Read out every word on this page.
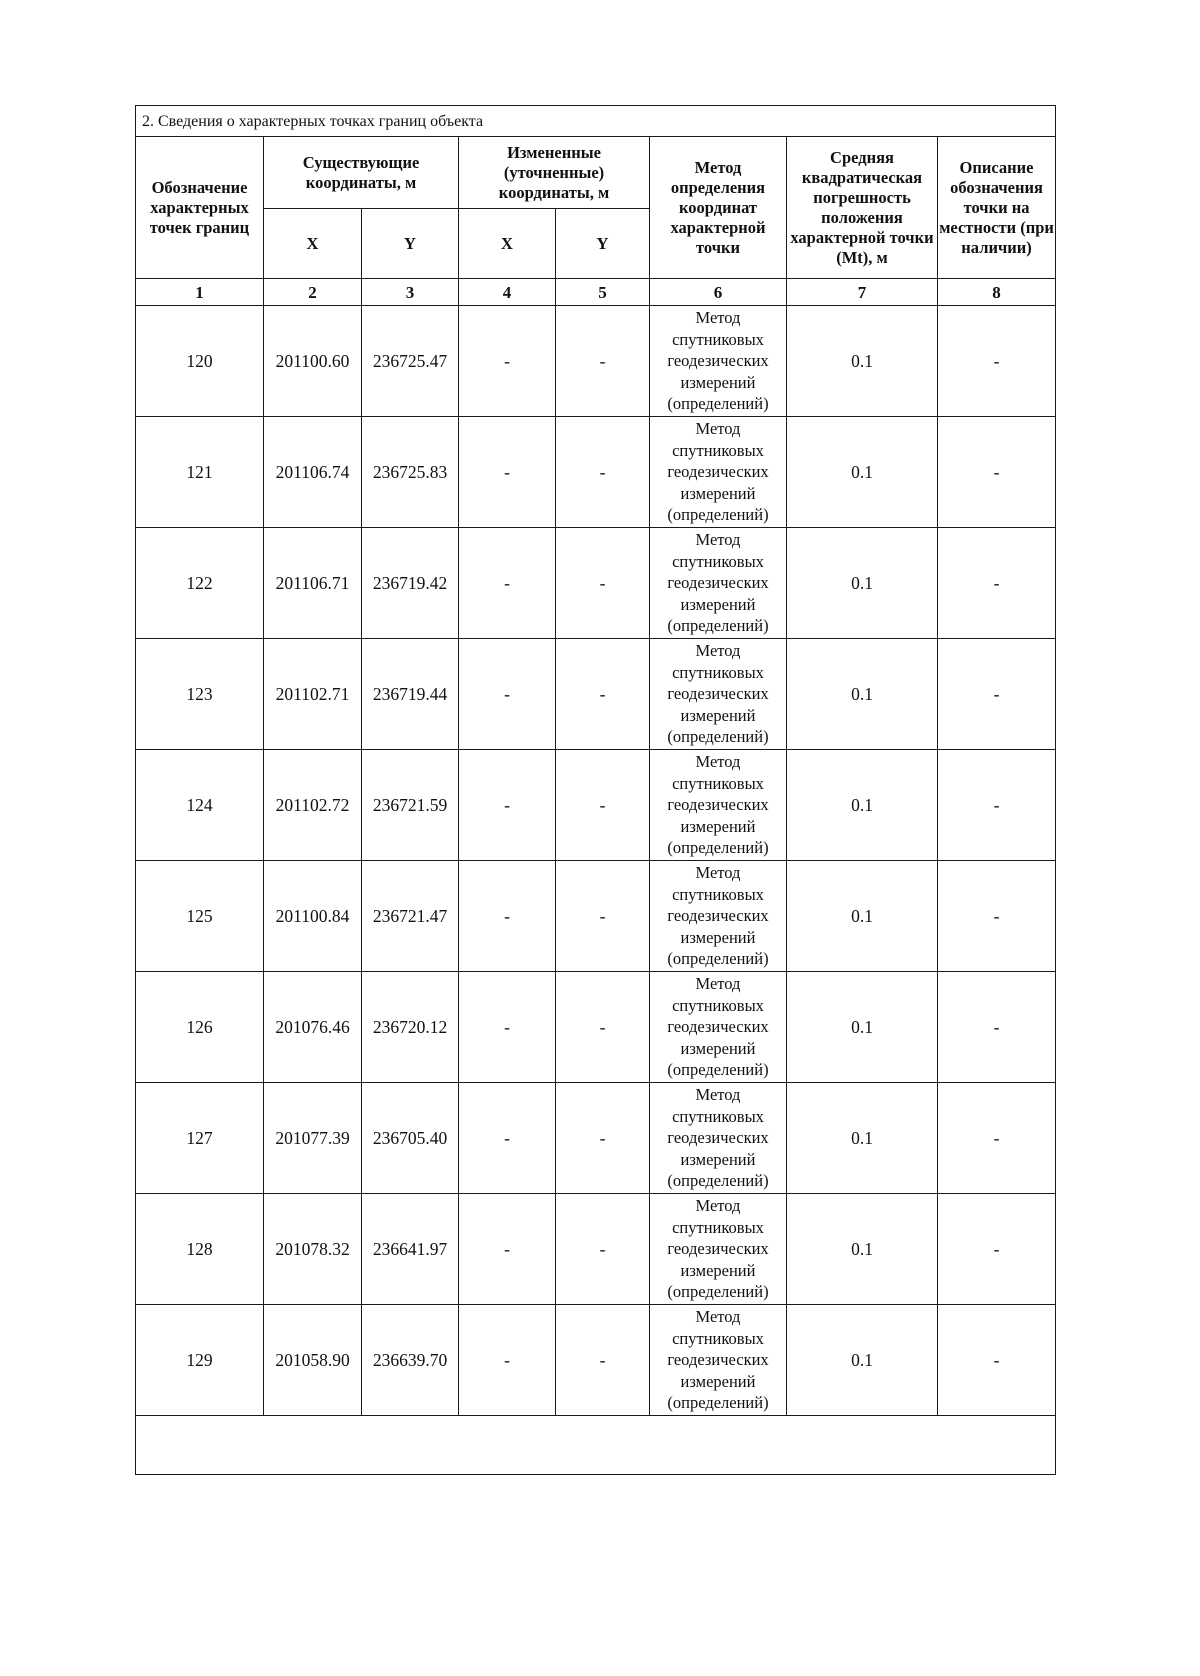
2. Сведения о характерных точках границ объекта							
Обозначение характерных точек границ	Существующие координаты, м		Измененные (уточненные) координаты, м		Метод определения координат характерной точки	Средняя квадратическая погрешность положения характерной точки (Mt), м	Описание обозначения точки на местности (при наличии)
	X	Y	X	Y			
1	2	3	4	5	6	7	8
120	201100.60	236725.47	-	-	Метод спутниковых геодезических измерений (определений)	0.1	-
121	201106.74	236725.83	-	-	Метод спутниковых геодезических измерений (определений)	0.1	-
122	201106.71	236719.42	-	-	Метод спутниковых геодезических измерений (определений)	0.1	-
123	201102.71	236719.44	-	-	Метод спутниковых геодезических измерений (определений)	0.1	-
124	201102.72	236721.59	-	-	Метод спутниковых геодезических измерений (определений)	0.1	-
125	201100.84	236721.47	-	-	Метод спутниковых геодезических измерений (определений)	0.1	-
126	201076.46	236720.12	-	-	Метод спутниковых геодезических измерений (определений)	0.1	-
127	201077.39	236705.40	-	-	Метод спутниковых геодезических измерений (определений)	0.1	-
128	201078.32	236641.97	-	-	Метод спутниковых геодезических измерений (определений)	0.1	-
129	201058.90	236639.70	-	-	Метод спутниковых геодезических измерений (определений)	0.1	-
